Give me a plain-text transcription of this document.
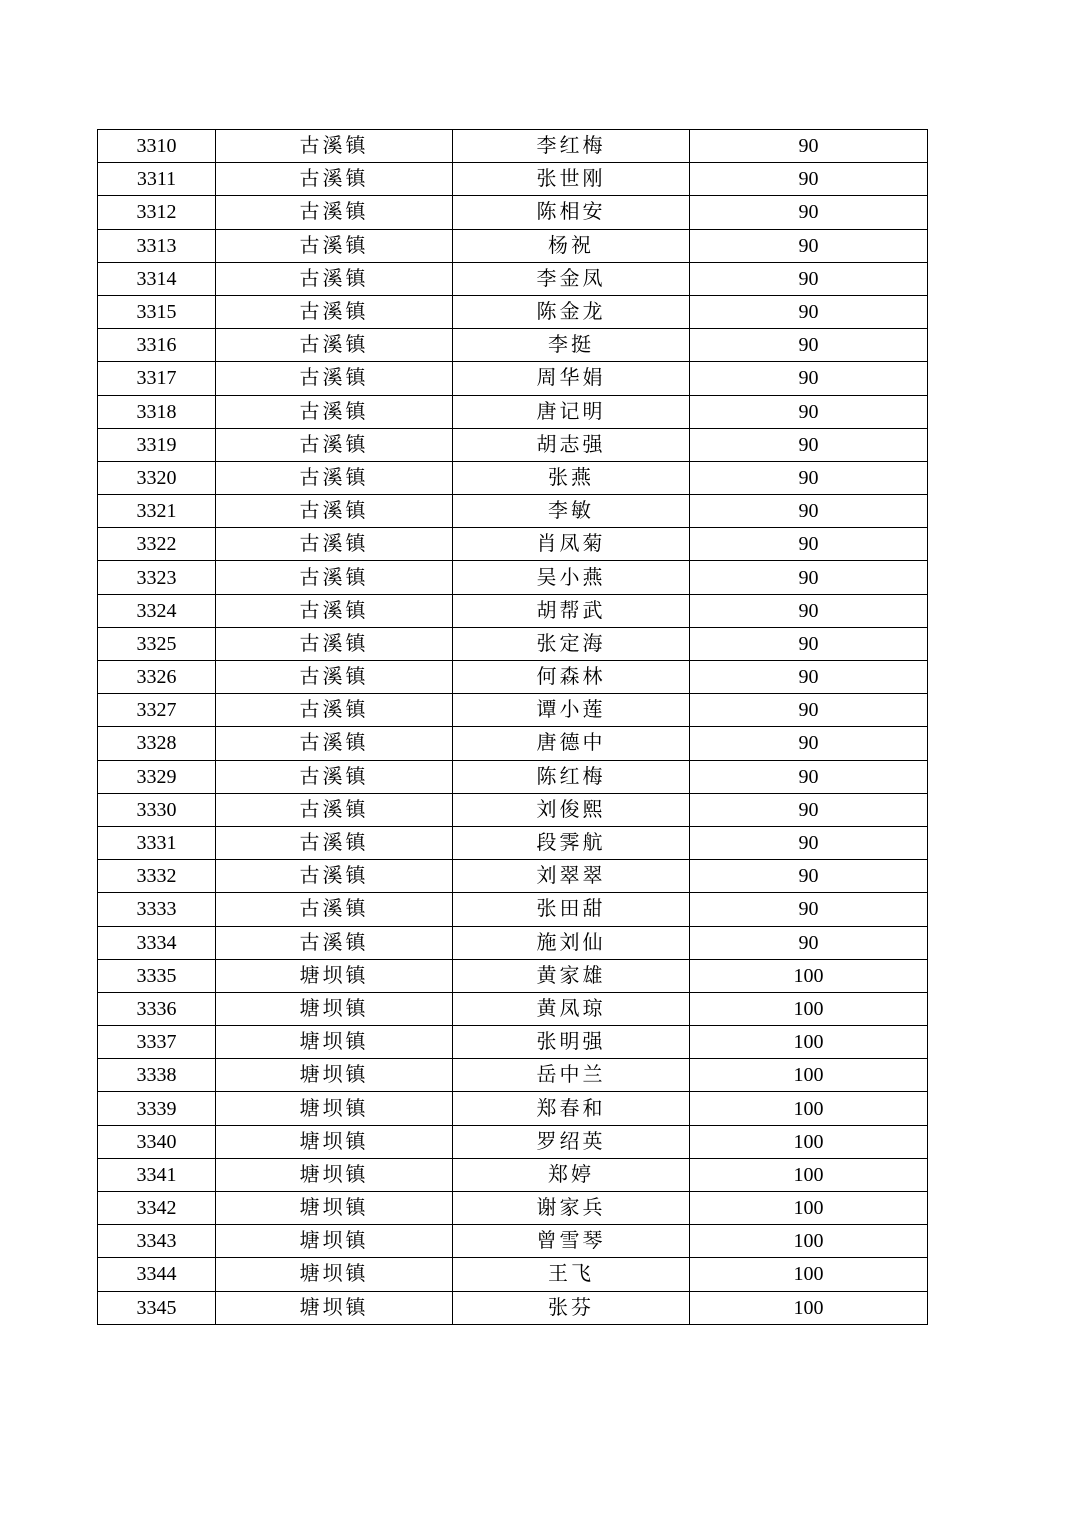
3310	古溪镇	李红梅	90
3311	古溪镇	张世刚	90
3312	古溪镇	陈相安	90
3313	古溪镇	杨祝	90
3314	古溪镇	李金凤	90
3315	古溪镇	陈金龙	90
3316	古溪镇	李挺	90
3317	古溪镇	周华娟	90
3318	古溪镇	唐记明	90
3319	古溪镇	胡志强	90
3320	古溪镇	张燕	90
3321	古溪镇	李敏	90
3322	古溪镇	肖凤菊	90
3323	古溪镇	吴小燕	90
3324	古溪镇	胡帮武	90
3325	古溪镇	张定海	90
3326	古溪镇	何森林	90
3327	古溪镇	谭小莲	90
3328	古溪镇	唐德中	90
3329	古溪镇	陈红梅	90
3330	古溪镇	刘俊熙	90
3331	古溪镇	段霁航	90
3332	古溪镇	刘翠翠	90
3333	古溪镇	张田甜	90
3334	古溪镇	施刘仙	90
3335	塘坝镇	黄家雄	100
3336	塘坝镇	黄凤琼	100
3337	塘坝镇	张明强	100
3338	塘坝镇	岳中兰	100
3339	塘坝镇	郑春和	100
3340	塘坝镇	罗绍英	100
3341	塘坝镇	郑婷	100
3342	塘坝镇	谢家兵	100
3343	塘坝镇	曾雪琴	100
3344	塘坝镇	王飞	100
3345	塘坝镇	张芬	100
